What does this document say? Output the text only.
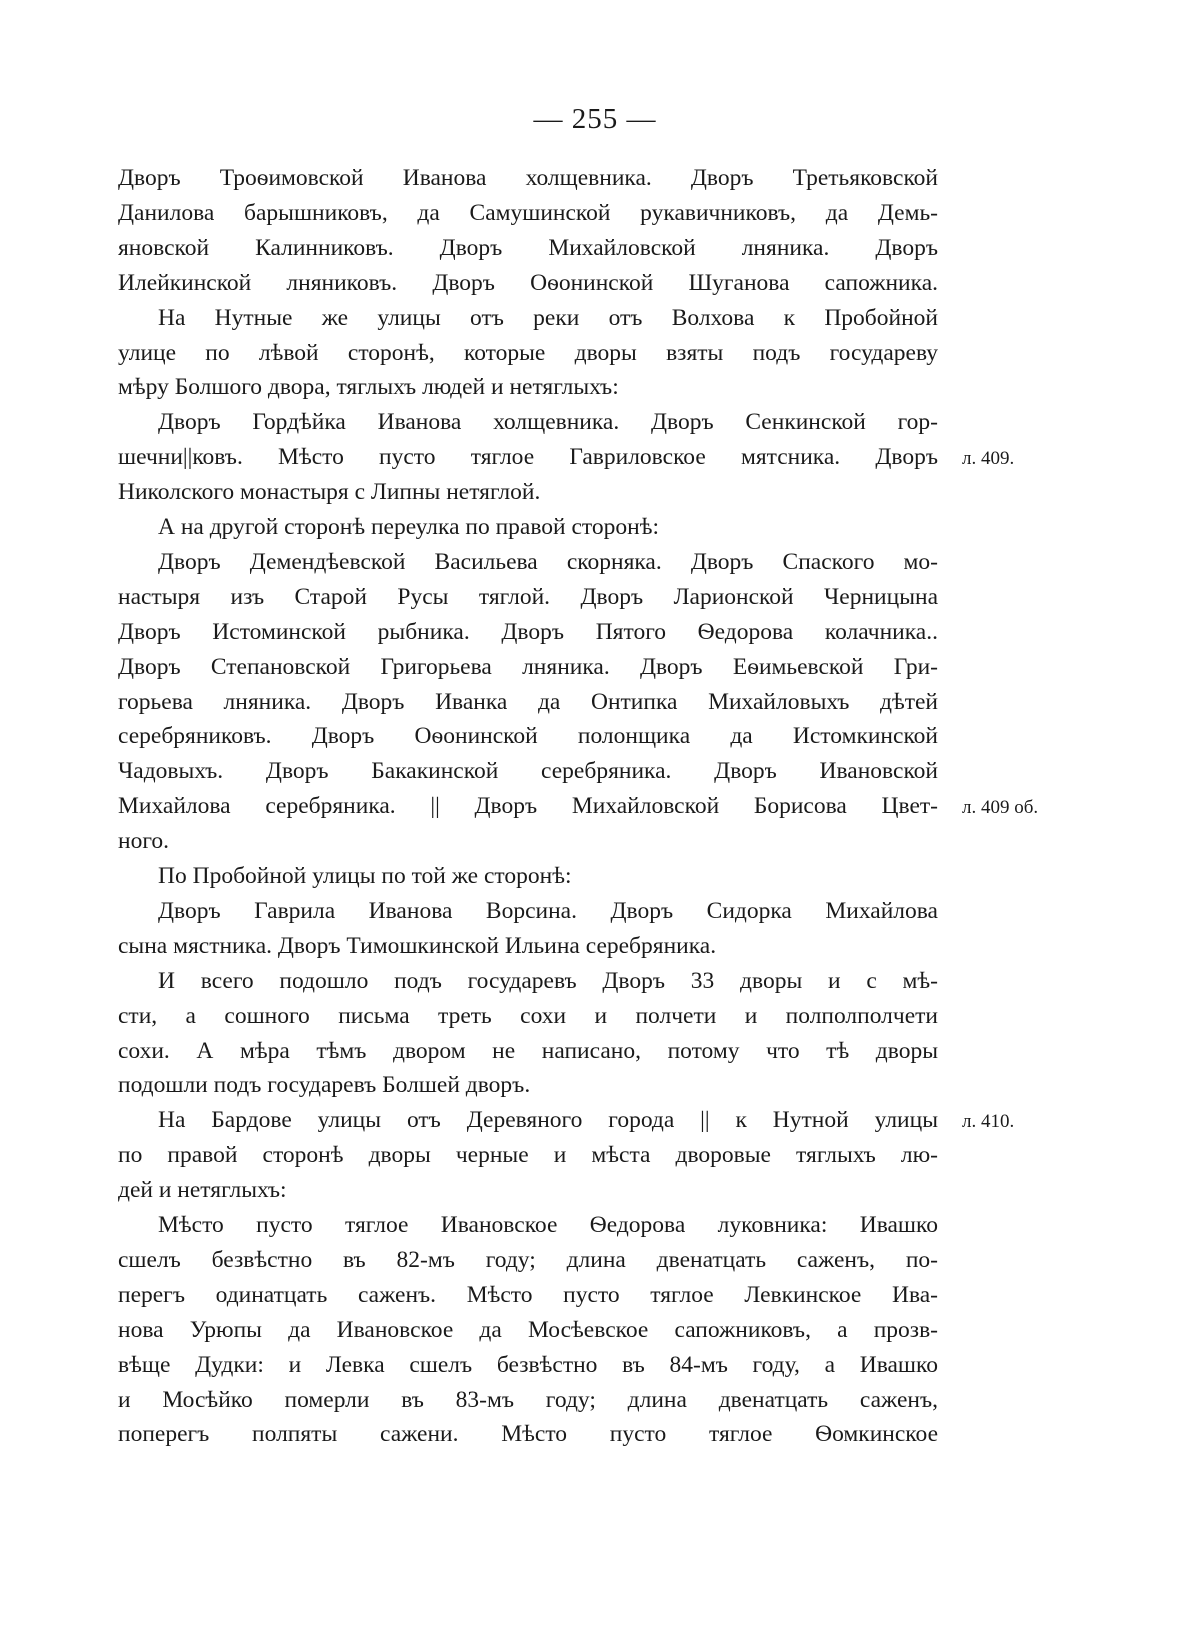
— 255 —
Дворъ Троѳимовской Иванова холщевника. Дворъ Третьяковской
Данилова барышниковъ, да Самушинской рукавичниковъ, да Демь-
яновской Калинниковъ. Дворъ Михайловской лняника. Дворъ
Илейкинской лняниковъ. Дворъ Оѳонинской Шуганова сапожника.
На Нутные же улицы отъ реки отъ Волхова к Пробойной
улице по лѣвой сторонѣ, которые дворы взяты подъ государеву
мѣру Болшого двора, тяглыхъ людей и нетяглыхъ:
Дворъ Гордѣйка Иванова холщевника. Дворъ Сенкинской гор-
шечни||ковъ. Мѣсто пусто тяглое Гавриловское мятсника. Дворъ
Николского монастыря с Липны нетяглой.
А на другой сторонѣ переулка по правой сторонѣ:
Дворъ Демендѣевской Васильева скорняка. Дворъ Спаского мо-
настыря изъ Старой Русы тяглой. Дворъ Ларионской Черницына
Дворъ Истоминской рыбника. Дворъ Пятого Ѳедорова колачника..
Дворъ Степановской Григорьева лняника. Дворъ Еѳимьевской Гри-
горьева лняника. Дворъ Иванка да Онтипка Михайловыхъ дѣтей
серебряниковъ. Дворъ Оѳонинской полонщика да Истомкинской
Чадовыхъ. Дворъ Бакакинской серебряника. Дворъ Ивановской
Михайлова серебряника. || Дворъ Михайловской Борисова Цвет-
ного.
По Пробойной улицы по той же сторонѣ:
Дворъ Гаврила Иванова Ворсина. Дворъ Сидорка Михайлова
сына мястника. Дворъ Тимошкинской Ильина серебряника.
И всего подошло подъ государевъ Дворъ 33 дворы и с мѣ-
сти, а сошного письма треть сохи и полчети и полполполчети
сохи. А мѣра тѣмъ двором не написано, потому что тѣ дворы
подошли подъ государевъ Болшей дворъ.
На Бардове улицы отъ Деревяного города || к Нутной улицы
по правой сторонѣ дворы черные и мѣста дворовые тяглыхъ лю-
дей и нетяглыхъ:
Мѣсто пусто тяглое Ивановское Ѳедорова луковника: Ивашко
сшелъ безвѣстно въ 82-мъ году; длина двенатцать саженъ, по-
перегъ одинатцать саженъ. Мѣсто пусто тяглое Левкинское Ива-
нова Урюпы да Ивановское да Мосѣевское сапожниковъ, а прозв-
вѣще Дудки: и Левка сшелъ безвѣстно въ 84-мъ году, а Ивашко
и Мосѣйко померли въ 83-мъ году; длина двенатцать саженъ,
поперегъ полпяты сажени. Мѣсто пусто тяглое Ѳомкинское
л. 409.
л. 409 об.
л. 410.
